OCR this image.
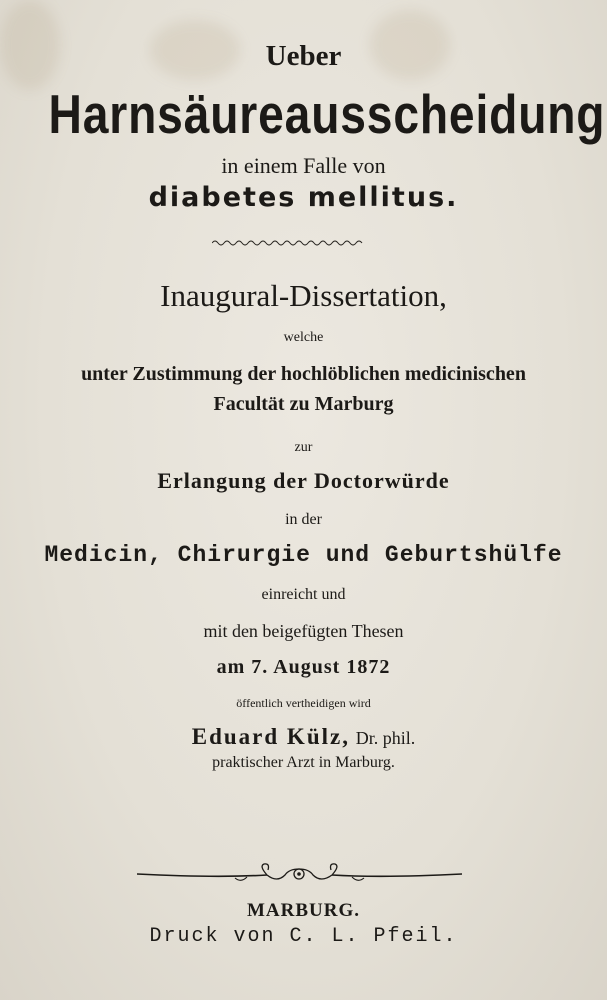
Ueber
Harnsäureausscheidung
in einem Falle von
diabetes mellitus.
Inaugural-Dissertation,
welche
unter Zustimmung der hochlöblichen medicinischen
Facultät zu Marburg
zur
Erlangung der Doctorwürde
in der
Medicin, Chirurgie und Geburtshülfe
einreicht und
mit den beigefügten Thesen
am 7. August 1872
öffentlich vertheidigen wird
Eduard Külz, Dr. phil.
praktischer Arzt in Marburg.
MARBURG.
Druck von C. L. Pfeil.
